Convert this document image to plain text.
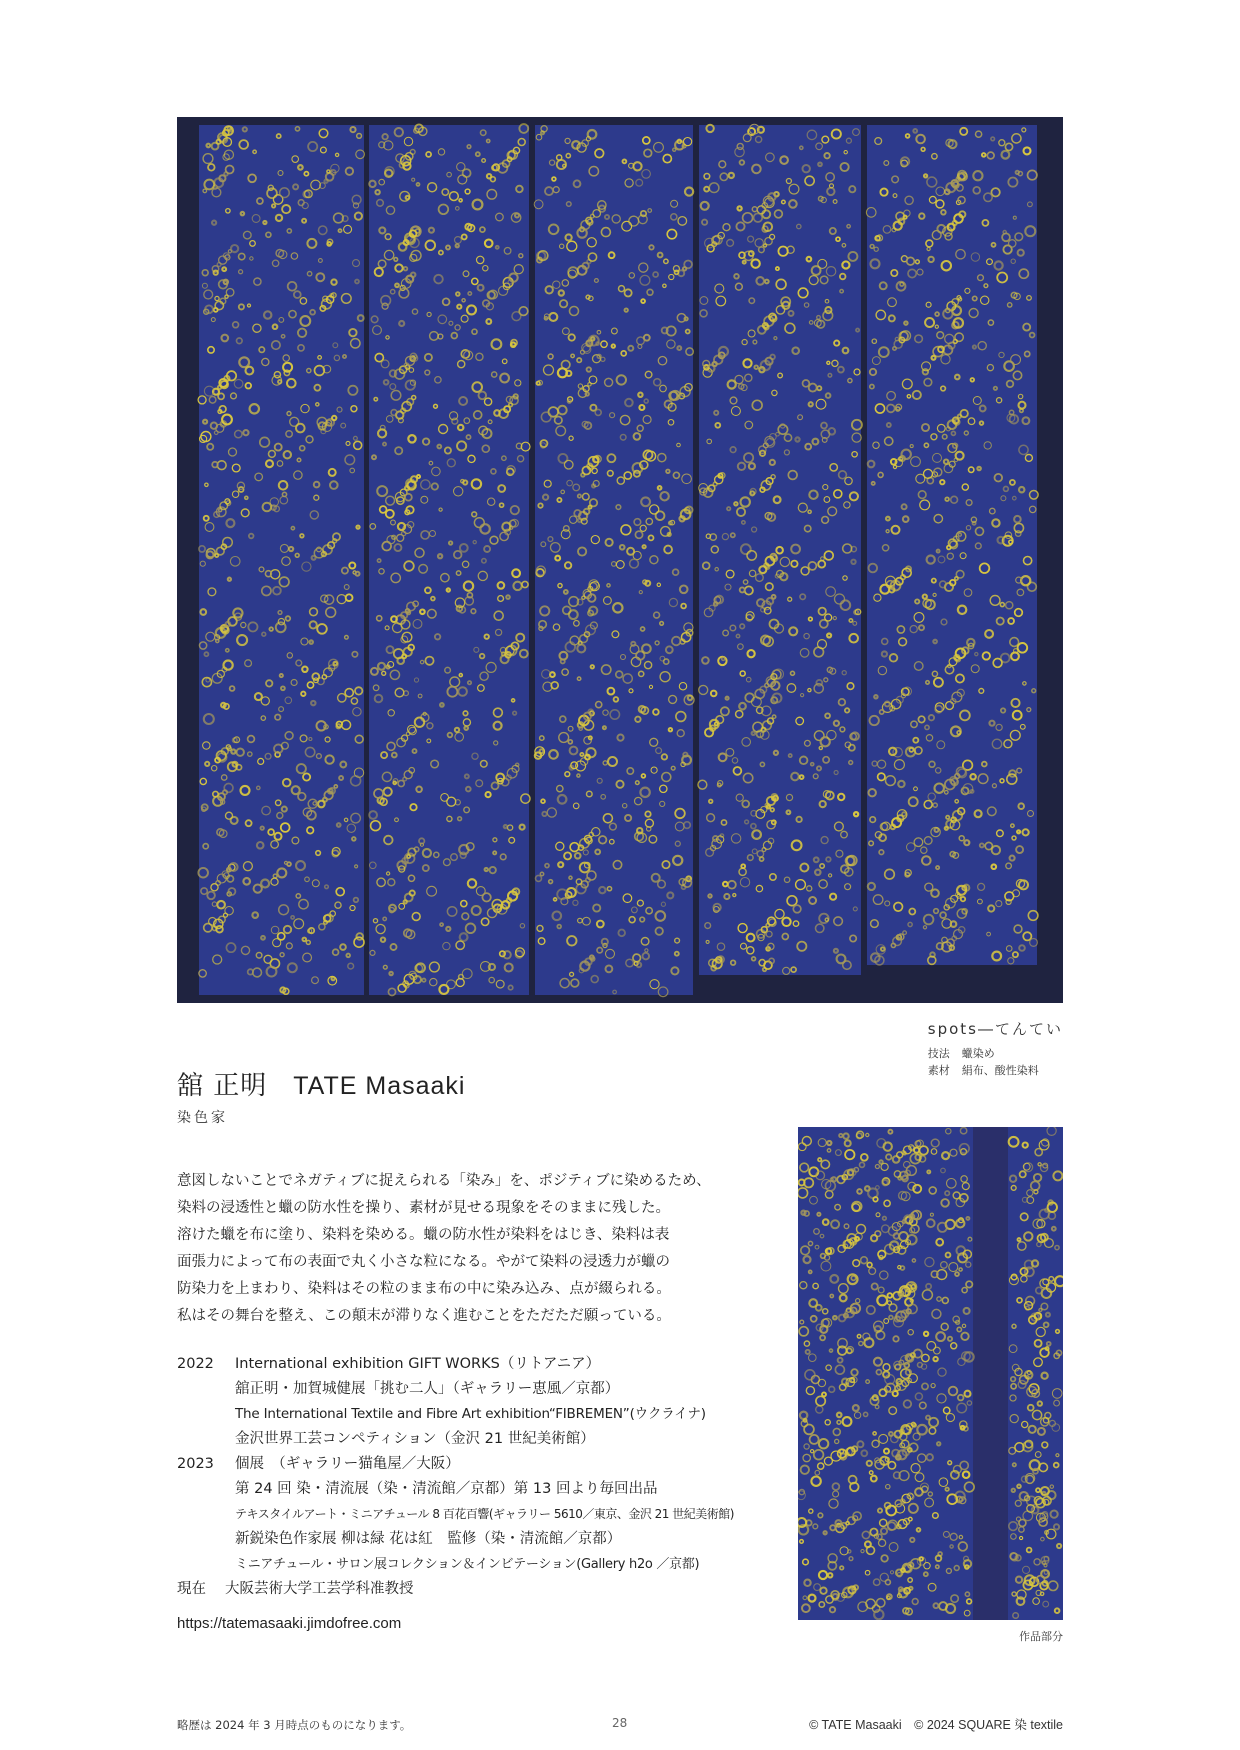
spots―てんてい
技法 蠟染め
素材 絹布、酸性染料
舘 正明 TATE Masaaki
染色家

意図しないことでネガティブに捉えられる「染み」を、ポジティブに染めるため、

染料の浸透性と蠟の防水性を操り、素材が見せる現象をそのままに残した。

溶けた蠟を布に塗り、染料を染める。蠟の防水性が染料をはじき、染料は表

面張力によって布の表面で丸く小さな粒になる。やがて染料の浸透力が蠟の

防染力を上まわり、染料はその粒のまま布の中に染み込み、点が綴られる。

私はその舞台を整え、この顛末が滞りなく進むことをただただ願っている。

2022	International exhibition GIFT WORKS（リトアニア）
舘正明・加賀城健展「挑む二人」（ギャラリー恵風／京都）
The International Textile and Fibre Art exhibition“FIBREMEN”(ウクライナ)
金沢世界工芸コンペティション（金沢 21 世紀美術館）
2023	個展　（ギャラリー猫亀屋／大阪）
第 24 回 染・清流展（染・清流館／京都）第 13 回より毎回出品
テキスタイルアート・ミニアチュール 8 百花百響(ギャラリー 5610／東京、金沢 21 世紀美術館)
新鋭染色作家展 柳は緑 花は紅　監修（染・清流館／京都）
ミニアチュール・サロン展コレクション＆インビテーション(Gallery h2o ／京都)
現在	大阪芸術大学工芸学科准教授
https://tatemasaaki.jimdofree.com
作品部分
略歴は 2024 年 3 月時点のものになります。	28	© TATE Masaaki　© 2024 SQUARE 染 textile
